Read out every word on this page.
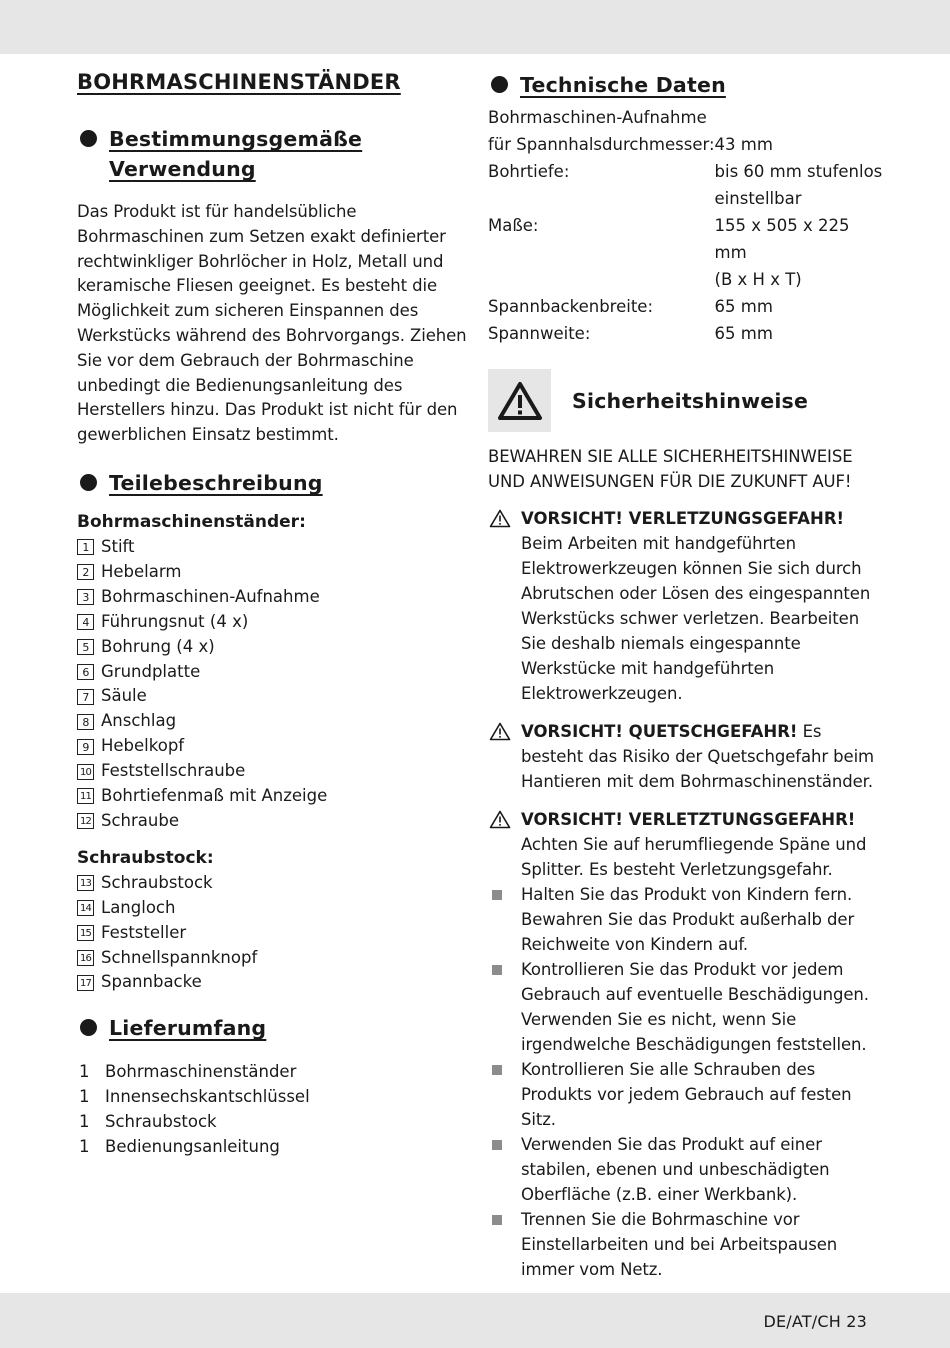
BOHRMASCHINENSTÄNDER
Bestimmungsgemäße
Verwendung

Das Produkt ist für handelsübliche Bohrmaschinen zum Setzen exakt definierter rechtwinkliger Bohrlöcher in Holz, Metall und keramische Fliesen geeignet. Es besteht die Möglichkeit zum sicheren Einspannen des Werkstücks während des Bohrvorgangs. Ziehen Sie vor dem Gebrauch der Bohrmaschine unbedingt die Bedienungsanleitung des Herstellers hinzu. Das Produkt ist nicht für den gewerblichen Einsatz bestimmt.

Teilebeschreibung

Bohrmaschinenständer:

1 Stift
2 Hebelarm
3 Bohrmaschinen-Aufnahme
4 Führungsnut (4 x)
5 Bohrung (4 x)
6 Grundplatte
7 Säule
8 Anschlag
9 Hebelkopf
10 Feststellschraube
11 Bohrtiefenmaß mit Anzeige
12 Schraube

Schraubstock:

13 Schraubstock
14 Langloch
15 Feststeller
16 Schnellspannknopf
17 Spannbacke
Lieferumfang
1 Bohrmaschinenständer
1 Innensechskantschlüssel
1 Schraubstock
1 Bedienungsanleitung
Technische Daten
Bohrmaschinen-Aufnahme	
für Spannhalsdurchmesser:	43 mm
Bohrtiefe:	bis 60 mm stufenlos
	einstellbar
Maße:	155 x 505 x 225 mm
	(B x H x T)
Spannbackenbreite:	65 mm
Spannweite:	65 mm
Sicherheitshinweise

BEWAHREN SIE ALLE SICHERHEITSHINWEISE UND ANWEISUNGEN FÜR DIE ZUKUNFT AUF!

VORSICHT! VERLETZUNGSGEFAHR!
Beim Arbeiten mit handgeführten Elektrowerkzeugen können Sie sich durch Abrutschen oder Lösen des eingespannten Werkstücks schwer verletzen. Bearbeiten Sie deshalb niemals eingespannte Werkstücke mit handgeführten Elektrowerkzeugen.

VORSICHT! QUETSCHGEFAHR! Es besteht das Risiko der Quetschgefahr beim Hantieren mit dem Bohrmaschinenständer.

VORSICHT! VERLETZTUNGSGEFAHR!
Achten Sie auf herumfliegende Späne und Splitter. Es besteht Verletzungsgefahr.

Halten Sie das Produkt von Kindern fern. Bewahren Sie das Produkt außerhalb der Reichweite von Kindern auf.
Kontrollieren Sie das Produkt vor jedem Gebrauch auf eventuelle Beschädigungen. Verwenden Sie es nicht, wenn Sie irgendwelche Beschädigungen feststellen.
Kontrollieren Sie alle Schrauben des Produkts vor jedem Gebrauch auf festen Sitz.
Verwenden Sie das Produkt auf einer stabilen, ebenen und unbeschädigten Oberfläche (z.B. einer Werkbank).
Trennen Sie die Bohrmaschine vor Einstellarbeiten und bei Arbeitspausen immer vom Netz.
DE/AT/CH 23
